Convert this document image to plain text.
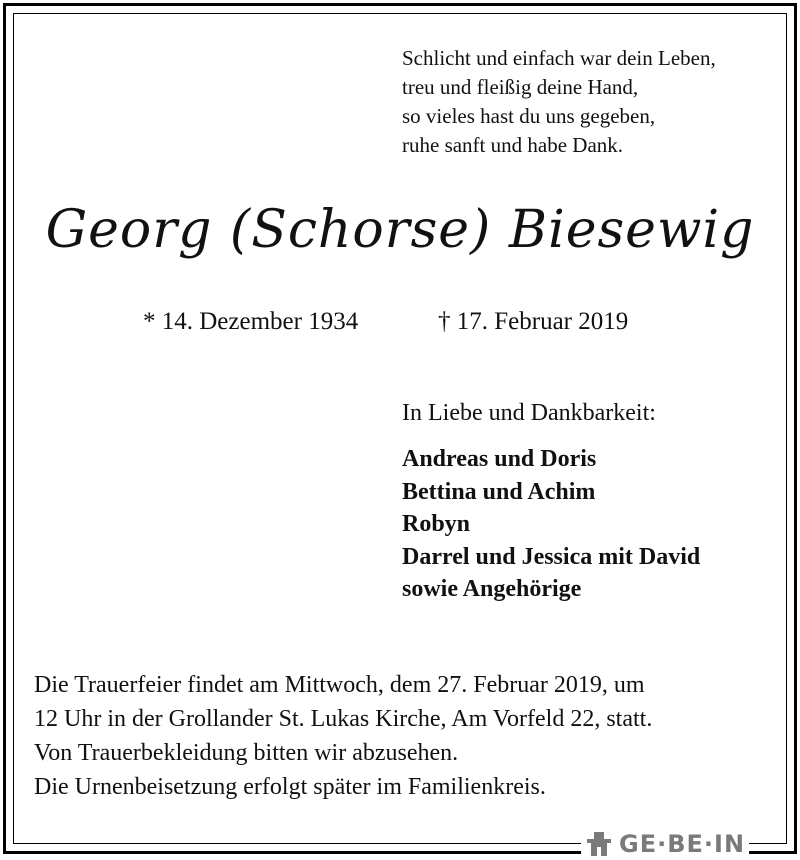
Schlicht und einfach war dein Leben,
treu und fleißig deine Hand,
so vieles hast du uns gegeben,
ruhe sanft und habe Dank.
Georg (Schorse) Biesewig
* 14. Dezember 1934	† 17. Februar 2019
In Liebe und Dankbarkeit:
Andreas und Doris
Bettina und Achim
Robyn
Darrel und Jessica mit David
sowie Angehörige
Die Trauerfeier findet am Mittwoch, dem 27. Februar 2019, um
12 Uhr in der Grollander St. Lukas Kirche, Am Vorfeld 22, statt.
Von Trauerbekleidung bitten wir abzusehen.
Die Urnenbeisetzung erfolgt später im Familienkreis.
GE·BE·IN
